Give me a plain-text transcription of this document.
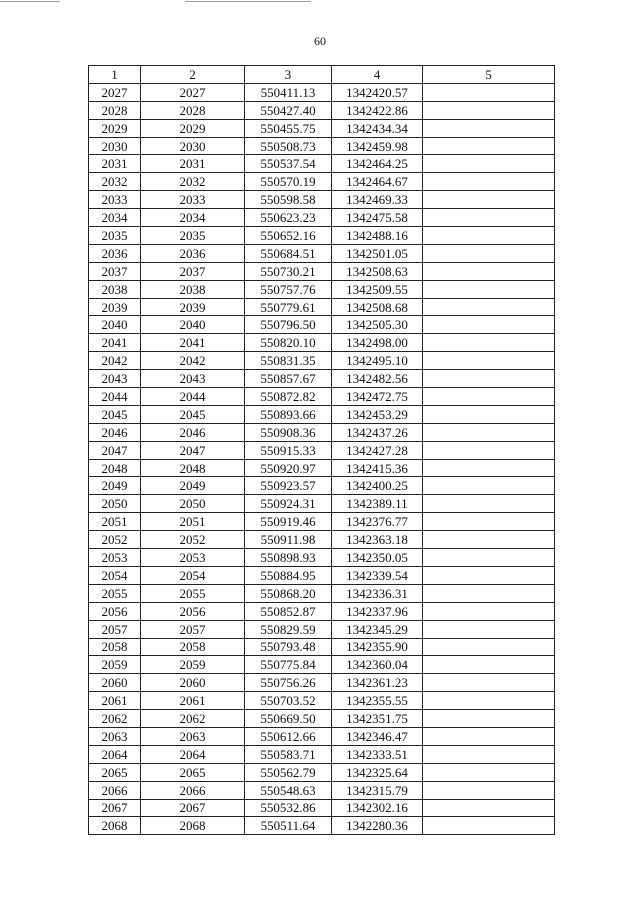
60
1	2	3	4	5
2027	2027	550411.13	1342420.57	
2028	2028	550427.40	1342422.86	
2029	2029	550455.75	1342434.34	
2030	2030	550508.73	1342459.98	
2031	2031	550537.54	1342464.25	
2032	2032	550570.19	1342464.67	
2033	2033	550598.58	1342469.33	
2034	2034	550623.23	1342475.58	
2035	2035	550652.16	1342488.16	
2036	2036	550684.51	1342501.05	
2037	2037	550730.21	1342508.63	
2038	2038	550757.76	1342509.55	
2039	2039	550779.61	1342508.68	
2040	2040	550796.50	1342505.30	
2041	2041	550820.10	1342498.00	
2042	2042	550831.35	1342495.10	
2043	2043	550857.67	1342482.56	
2044	2044	550872.82	1342472.75	
2045	2045	550893.66	1342453.29	
2046	2046	550908.36	1342437.26	
2047	2047	550915.33	1342427.28	
2048	2048	550920.97	1342415.36	
2049	2049	550923.57	1342400.25	
2050	2050	550924.31	1342389.11	
2051	2051	550919.46	1342376.77	
2052	2052	550911.98	1342363.18	
2053	2053	550898.93	1342350.05	
2054	2054	550884.95	1342339.54	
2055	2055	550868.20	1342336.31	
2056	2056	550852.87	1342337.96	
2057	2057	550829.59	1342345.29	
2058	2058	550793.48	1342355.90	
2059	2059	550775.84	1342360.04	
2060	2060	550756.26	1342361.23	
2061	2061	550703.52	1342355.55	
2062	2062	550669.50	1342351.75	
2063	2063	550612.66	1342346.47	
2064	2064	550583.71	1342333.51	
2065	2065	550562.79	1342325.64	
2066	2066	550548.63	1342315.79	
2067	2067	550532.86	1342302.16	
2068	2068	550511.64	1342280.36	
